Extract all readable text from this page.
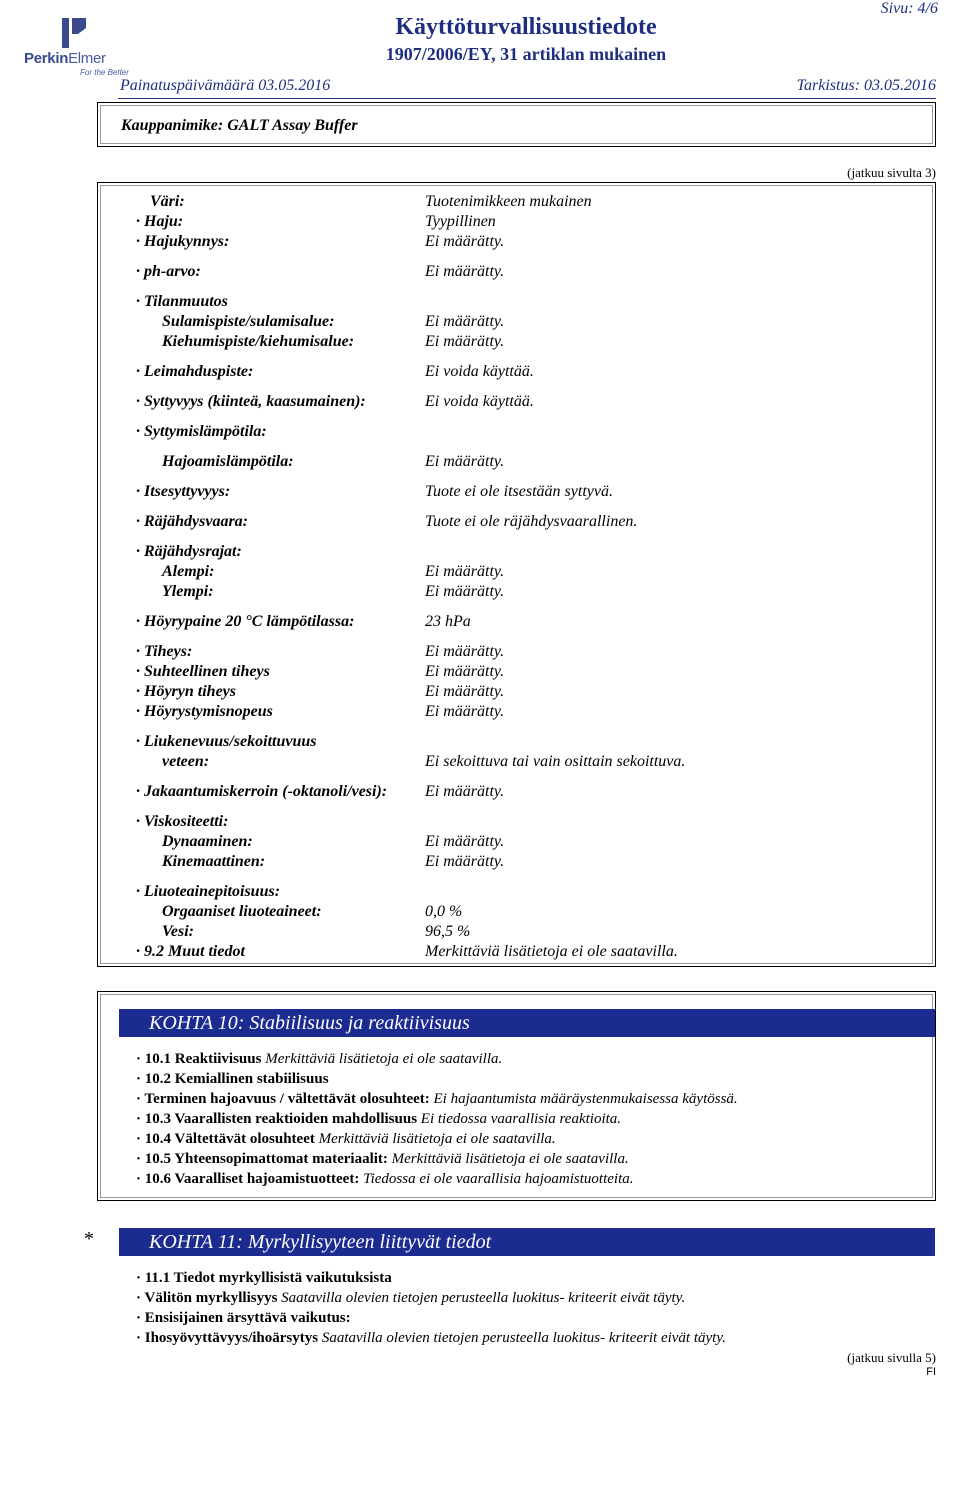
PerkinElmer
For the Better
Käyttöturvallisuustiedote
1907/2006/EY, 31 artiklan mukainen
Sivu: 4/6
Painatuspäivämäärä 03.05.2016	Tarkistus: 03.05.2016
Kauppanimike: GALT Assay Buffer
(jatkuu sivulta 3)
Väri:	Tuotenimikkeen mukainen
· Haju:	Tyypillinen
· Hajukynnys:	Ei määrätty.
· ph-arvo:	Ei määrätty.
· Tilanmuutos
Sulamispiste/sulamisalue:	Ei määrätty.
Kiehumispiste/kiehumisalue:	Ei määrätty.
· Leimahduspiste:	Ei voida käyttää.
· Syttyvyys (kiinteä, kaasumainen):	Ei voida käyttää.
· Syttymislämpötila:
Hajoamislämpötila:	Ei määrätty.
· Itsesyttyvyys:	Tuote ei ole itsestään syttyvä.
· Räjähdysvaara:	Tuote ei ole räjähdysvaarallinen.
· Räjähdysrajat:
Alempi:	Ei määrätty.
Ylempi:	Ei määrätty.
· Höyrypaine 20 °C lämpötilassa:	23 hPa
· Tiheys:	Ei määrätty.
· Suhteellinen tiheys	Ei määrätty.
· Höyryn tiheys	Ei määrätty.
· Höyrystymisnopeus	Ei määrätty.
· Liukenevuus/sekoittuvuus
veteen:	Ei sekoittuva tai vain osittain sekoittuva.
· Jakaantumiskerroin (-oktanoli/vesi): Ei määrätty.
· Viskositeetti:
Dynaaminen:	Ei määrätty.
Kinemaattinen:	Ei määrätty.
· Liuoteainepitoisuus:
Orgaaniset liuoteaineet:	0,0 %
Vesi:	96,5 %
· 9.2 Muut tiedot	Merkittäviä lisätietoja ei ole saatavilla.
KOHTA 10: Stabiilisuus ja reaktiivisuus
· 10.1 Reaktiivisuus Merkittäviä lisätietoja ei ole saatavilla.
· 10.2 Kemiallinen stabiilisuus
· Terminen hajoavuus / vältettävät olosuhteet: Ei hajaantumista määräystenmukaisessa käytössä.
· 10.3 Vaarallisten reaktioiden mahdollisuus Ei tiedossa vaarallisia reaktioita.
· 10.4 Vältettävät olosuhteet Merkittäviä lisätietoja ei ole saatavilla.
· 10.5 Yhteensopimattomat materiaalit: Merkittäviä lisätietoja ei ole saatavilla.
· 10.6 Vaaralliset hajoamistuotteet: Tiedossa ei ole vaarallisia hajoamistuotteita.
*	KOHTA 11: Myrkyllisyyteen liittyvät tiedot
· 11.1 Tiedot myrkyllisistä vaikutuksista
· Välitön myrkyllisyys Saatavilla olevien tietojen perusteella luokitus- kriteerit eivät täyty.
· Ensisijainen ärsyttävä vaikutus:
· Ihosyövyttävyys/ihoärsytys Saatavilla olevien tietojen perusteella luokitus- kriteerit eivät täyty.
(jatkuu sivulla 5)
FI
